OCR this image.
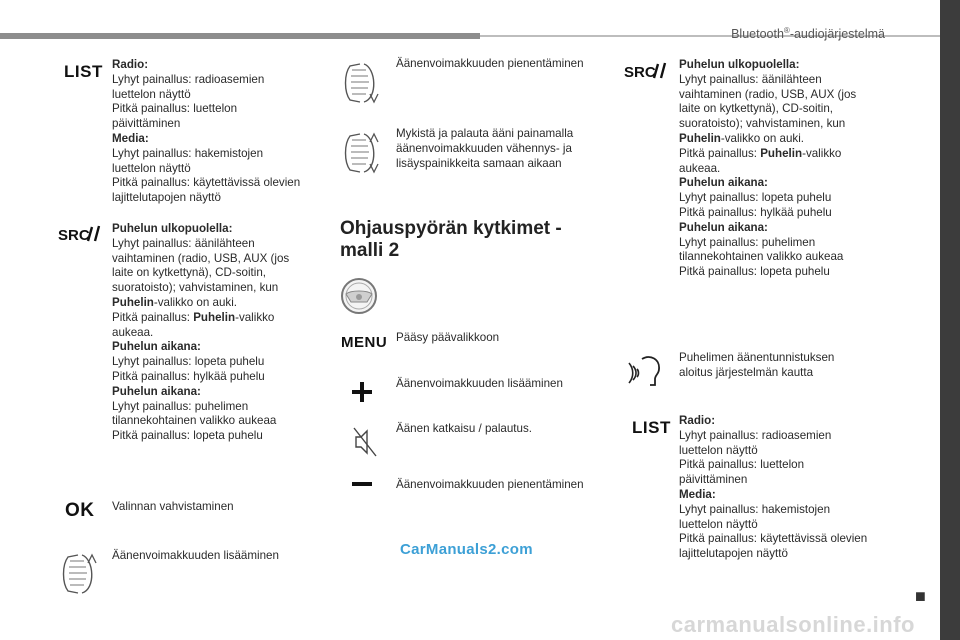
Bluetooth®-audiojärjestelmä
■
3
LIST Radio:
Lyhyt painallus: radioasemien
luettelon näyttö
Pitkä painallus: luettelon
päivittäminen
Media:
Lyhyt painallus: hakemistojen
luettelon näyttö
Pitkä painallus: käytettävissä olevien
lajittelutapojen näyttö
SRC Puhelun ulkopuolella:
Lyhyt painallus: äänilähteen
vaihtaminen (radio, USB, AUX (jos
laite on kytkettynä), CD-soitin,
suoratoisto); vahvistaminen, kun
Puhelin-valikko on auki.
Pitkä painallus: Puhelin-valikko
aukeaa.
Puhelun aikana:
Lyhyt painallus: lopeta puhelu
Pitkä painallus: hylkää puhelu
Puhelun aikana:
Lyhyt painallus: puhelimen
tilannekohtainen valikko aukeaa
Pitkä painallus: lopeta puhelu
OK Valinnan vahvistaminen
Äänenvoimakkuuden lisääminen
Äänenvoimakkuuden pienentäminen
Mykistä ja palauta ääni painamalla
äänenvoimakkuuden vähennys- ja
lisäyspainikkeita samaan aikaan
Ohjauspyörän kytkimet -
malli 2
MENU Pääsy päävalikkoon
Äänenvoimakkuuden lisääminen
Äänen katkaisu / palautus.
Äänenvoimakkuuden pienentäminen
SRC Puhelun ulkopuolella:
Lyhyt painallus: äänilähteen
vaihtaminen (radio, USB, AUX (jos
laite on kytkettynä), CD-soitin,
suoratoisto); vahvistaminen, kun
Puhelin-valikko on auki.
Pitkä painallus: Puhelin-valikko
aukeaa.
Puhelun aikana:
Lyhyt painallus: lopeta puhelu
Pitkä painallus: hylkää puhelu
Puhelun aikana:
Lyhyt painallus: puhelimen
tilannekohtainen valikko aukeaa
Pitkä painallus: lopeta puhelu
Puhelimen äänentunnistuksen
aloitus järjestelmän kautta
LIST Radio:
Lyhyt painallus: radioasemien
luettelon näyttö
Pitkä painallus: luettelon
päivittäminen
Media:
Lyhyt painallus: hakemistojen
luettelon näyttö
Pitkä painallus: käytettävissä olevien
lajittelutapojen näyttö
CarManuals2.com
carmanualsonline.info
